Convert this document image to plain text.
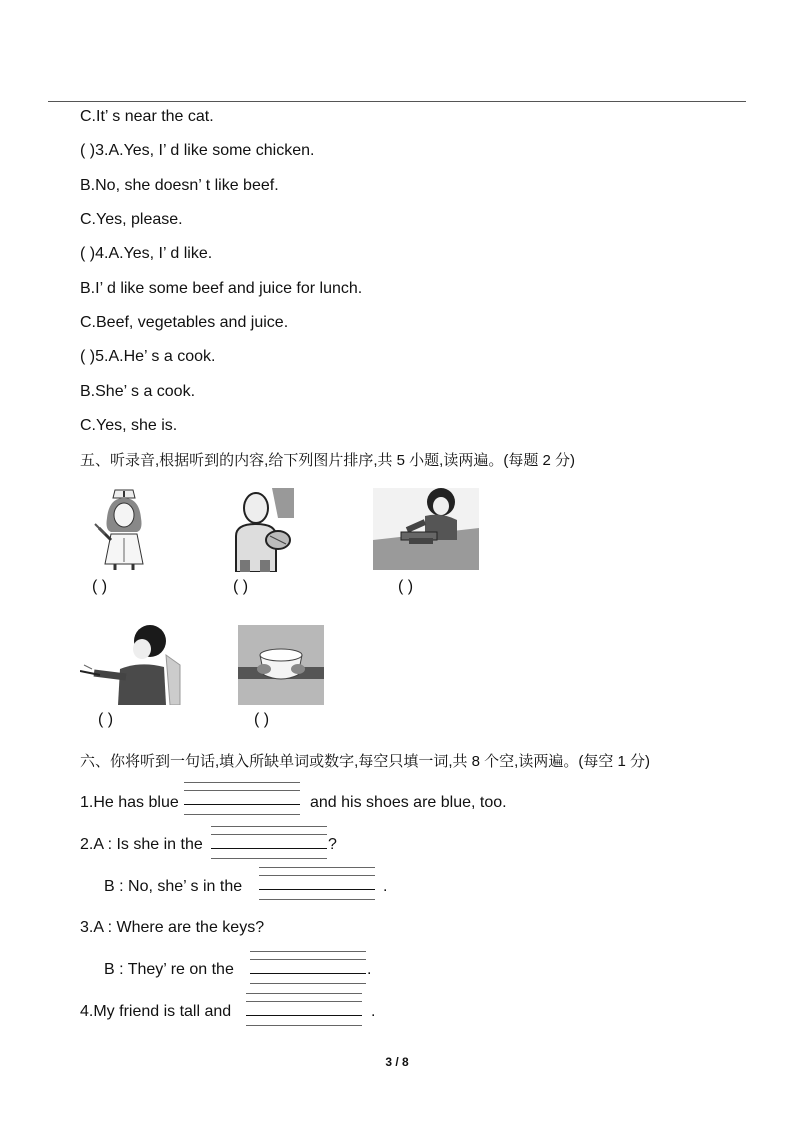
C.It’ s near the cat.
( )3.A.Yes, I’ d like some chicken.
B.No, she doesn’ t like beef.
C.Yes, please.
( )4.A.Yes, I’ d like.
B.I’ d like some beef and juice for lunch.
C.Beef, vegetables and juice.
( )5.A.He’ s a cook.
B.She’ s a cook.
C.Yes, she is.
五、听录音,根据听到的内容,给下列图片排序,共 5 小题,读两遍。(每题 2 分)
( )	( )	( )
( )	( )
六、你将听到一句话,填入所缺单词或数字,每空只填一词,共 8 个空,读两遍。(每空 1 分)
1.He has blue	and his shoes are blue, too.
2.A : Is she in the	?
B : No, she’ s in the	.
3.A : Where are the keys?
B : They’ re on the	.
4.My friend is tall and	.
3 / 8
